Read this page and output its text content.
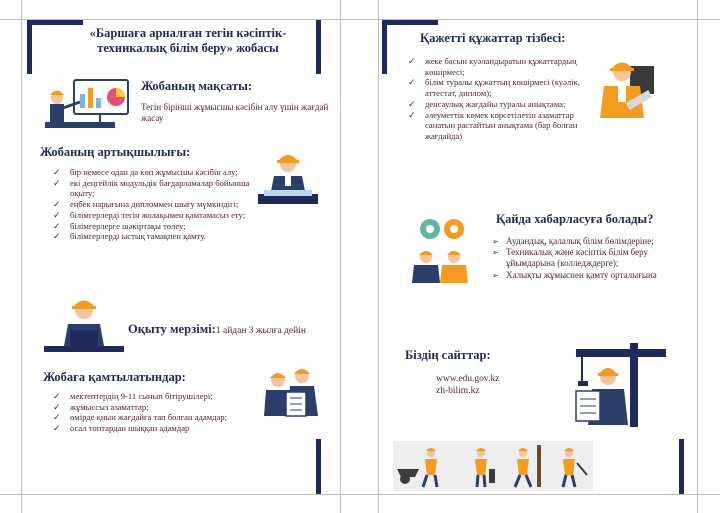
«Баршаға арналған тегін кәсіптік-техникалық білім беру» жобасы
Жобаның мақсаты:
Тегін бірінші жұмысшы кәсібін алу үшін жағдай жасау
Жобаның артықшылығы:
✓ бір немесе одан да көп жұмысшы кәсібін алу;
✓ екі деңгейлік модульдік бағдарламалар бойынша оқыту;
✓ еңбек нарығына дипломмен шығу мүмкіндігі;
✓ білімгерлерді тегін жолақымен қамтамасыз ету;
✓ білімгерлерге шәкіртақы төлеу;
✓ білімгерлерді ыстық тамақпен қамту.
Оқыту мерзімі:1 айдан 3 жылға дейін
Жобаға қамтылатындар:
✓ мектептердің 9-11 сынып бітірушілері;
✓ жұмыссыз азаматтар;
✓ өмірде қиын жағдайға тап болған адамдар;
✓ осал топтардан шыққан адамдар
Қажетті құжаттар тізбесі:
✓ жеке басын куәландыратын құжаттардың көшірмесі;
✓ білім туралы құжаттың көшірмесі (куәлік, аттестат, диплом);
✓ денсаулық жағдайы туралы анықтама;
✓ әлеуметтік көмек көрсетілетін азаматтар санатын растайтын анықтама (бар болған жағдайда)
Қайда хабарласуға болады?
➢ Аудандық, қалалық білім бөлімдеріне;
➢ Техникалық және кәсіптік білім беру ұйымдарына (колледждерге);
➢ Халықты жұмыспен қамту орталығына
Біздің сайттар:
www.edu.gov.kz
zh-bilim.kz
